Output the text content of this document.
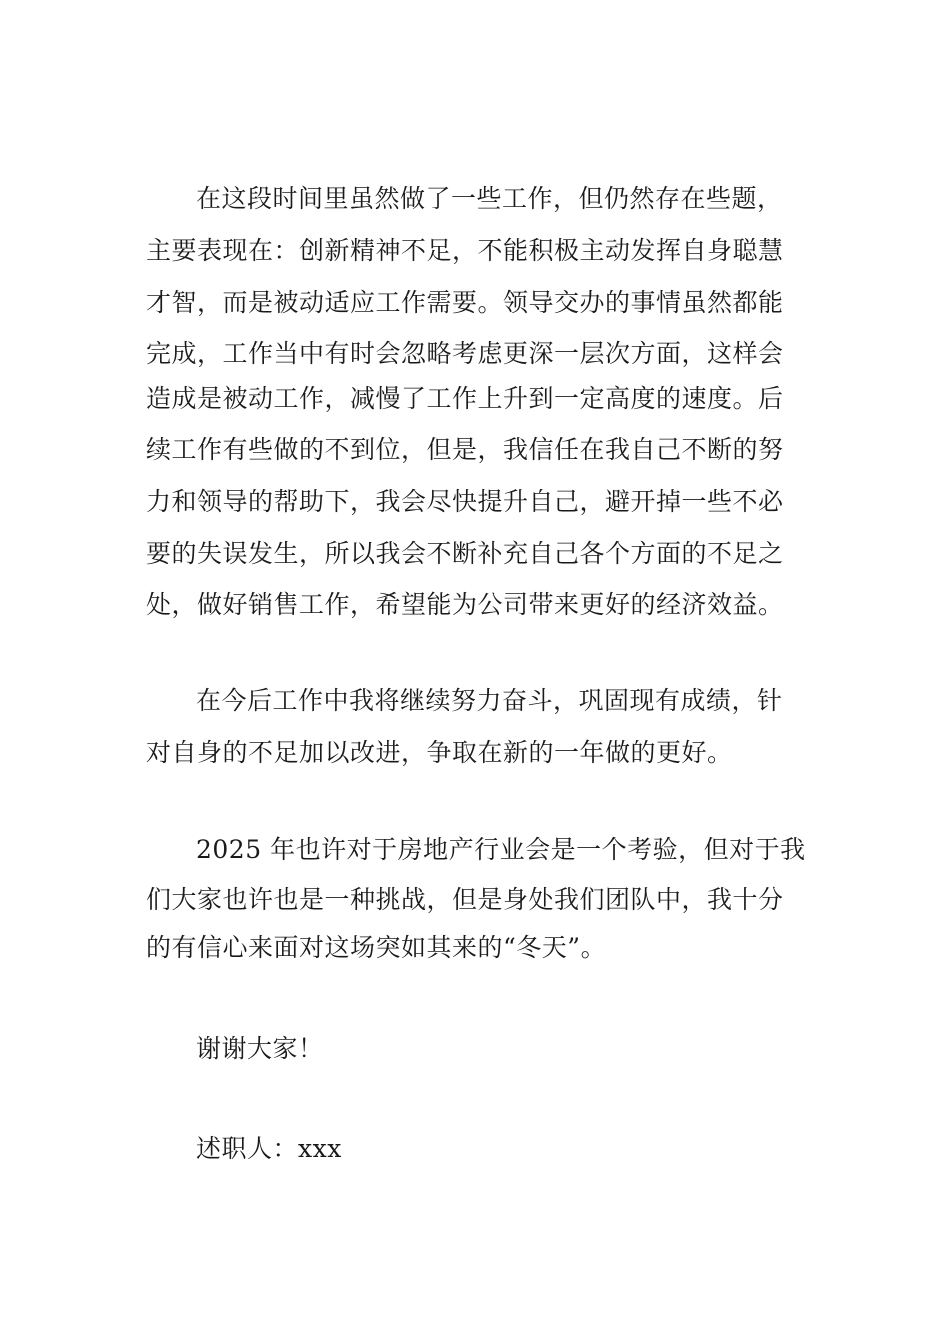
在这段时间里虽然做了一些工作，但仍然存在些题，
主要表现在：创新精神不足，不能积极主动发挥自身聪慧
才智，而是被动适应工作需要。领导交办的事情虽然都能
完成，工作当中有时会忽略考虑更深一层次方面，这样会
造成是被动工作，减慢了工作上升到一定高度的速度。后
续工作有些做的不到位，但是，我信任在我自己不断的努
力和领导的帮助下，我会尽快提升自己，避开掉一些不必
要的失误发生，所以我会不断补充自己各个方面的不足之
处，做好销售工作，希望能为公司带来更好的经济效益。
在今后工作中我将继续努力奋斗，巩固现有成绩，针
对自身的不足加以改进，争取在新的一年做的更好。
2025 年也许对于房地产行业会是一个考验，但对于我
们大家也许也是一种挑战，但是身处我们团队中，我十分
的有信心来面对这场突如其来的“冬天”。
谢谢大家！
述职人：xxx
